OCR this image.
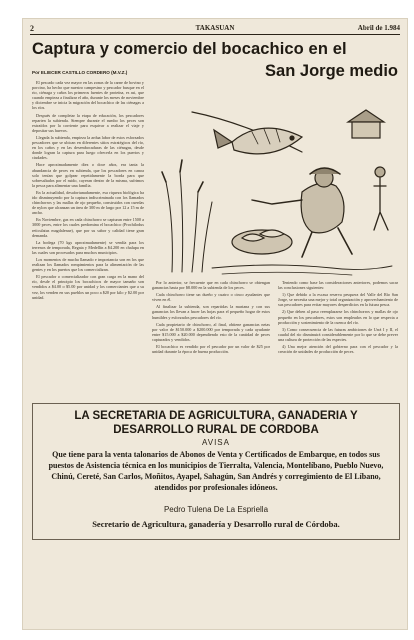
2	TAKASUAN	Abril de 1.984
Captura y comercio del bocachico en el
San Jorge medio
Por ELIECER CASTILLO CORDERO (M.V.Z.)

El pescado cada vez mayor en las zonas de la carne de bovino y porcino, ha hecho que nuestro campesino y pescador busque en el rio, ciénaga y caños los primeros fuentes de proteína, es asi, que cuando empieza a finalizar el año, durante los meses de noviembre y diciembre se inicia la migración del bocachico de las ciénagas a los ríos.

Después de completar la etapa de educación, los pescadores reparten la subienda. Siempre durante el rumbo los peces son extraídos por la corriente para esquivar a realizar el viaje y depositar sus huevos.

Llegada la subienda, empieza la ardua labor de estos esforzados pescadores que se ubican en diferentes sitios estratégicos del río, en los caños y en las desembocaduras de las ciénagas, desde donde logran la captura para luego ofrecerla en los puertos y ciudades.

Hace aproximadamente diez o doce años, era tanta la abundancia de peces en subienda, que los pescadores en canoa solo tenían que golpear repetidamente la borda para que sobresaltados por el ruido, cayeran dentro de la misma, sufrimos la pesca para alimentar una familia.

En la actualidad, desafortunadamente, esa riqueza biológica ha ido disminuyendo por la captura indiscriminada con los llamados chinchorros y las mallas de ojo pequeño, construidos con cuerdas de nylon que alcanzan un área de 300 m de largo por 12 a 15 m de ancho.

En Noviembre, gas en cada chinchorro se capturan entre 1500 a 3000 peces, entre los cuales predomina el bocachico (Prochilodus reticulatus magdalenae), que por su sabor y calidad tiene gran demanda.

La bodega (70 kgs aproximadamente) se vendía para los terrenos de temporada, Regata y Medellín a $4.200 en chalupa en las cuales son procesados para muchos municipios.

Los momentos de mucha llamado e importancia son en los que realizan los llamados rompimientos para la alimentación de las gentes y en los puertos que los comercializan.

El pescador o comercializador con gran carga en la mano del río, desde el principio los bocachicos de mayor tamaño son vendidos a $4.00 o $5.00 por unidad y los comerciantes que a su vez, los venden en sus pueblos un poco a $20 por kilo y $2.00 por unidad.

Por lo anterior, se frecuente que en cada chinchorro se obtengan ganancias hasta por $8.000 en la subienda de los peces.

Cada chinchorro tiene un dueño y cuatro o cinco ayudantes que viven en él.

Al finalizar la subienda, son repartidas la mariana y con sus ganancias los llevan a hacer las hojas para el pequeño hogar de estos humildes y esforzados pescadores del río.

Cada propietario de chinchorro, al final, obtiene ganancias netas por valor de $150.000 a $200.000 por temporada y cada ayudante entre $15.000 a $20.000 dependiendo esto de la cantidad de peces capturados y vendidos.

El bocachico es vendido por el pescador por un valor de $25 por unidad durante la época de buena producción.

Teniendo como base las consideraciones anteriores, podemos sacar las conclusiones siguientes:

1) Que debido a la escasa reserva pesquera del Valle del Río San Jorge, se necesita una mejor y total organización y aprovechamiento de sus pescadores para evitar mayores desperdicios en la futura pesca.

2) Que deben al paso reemplazarse los chinchorros y mallas de ojo pequeño en los pescadores, estos son empleados en lo que respecta a producción y sostenimiento de la cuenca del río.

3) Como consecuencia de las futuras ambiciones de Urrá I y II, el caudal del río disminuirá considerablemente por lo que se debe prever una cultura de protección de las especies.

4) Una mejor atención del gobierno para con el pescador y la creación de unidades de producción de peces.

LA SECRETARIA DE AGRICULTURA, GANADERIA Y
DESARROLLO RURAL DE CORDOBA
AVISA
Que tiene para la venta talonarios de Abonos de Venta y Certificados de Embarque, en todos sus puestos de Asistencia técnica en los municipios de Tierralta, Valencia, Montelíbano, Pueblo Nuevo, Chinú, Cereté, San Carlos, Moñitos, Ayapel, Sahagún, San Andrés y corregimiento de El Líbano, atendidos por profesionales idóneos.
Pedro Tulena De La Espriella
Secretario de Agricultura, ganadería y Desarrollo rural de Córdoba.
